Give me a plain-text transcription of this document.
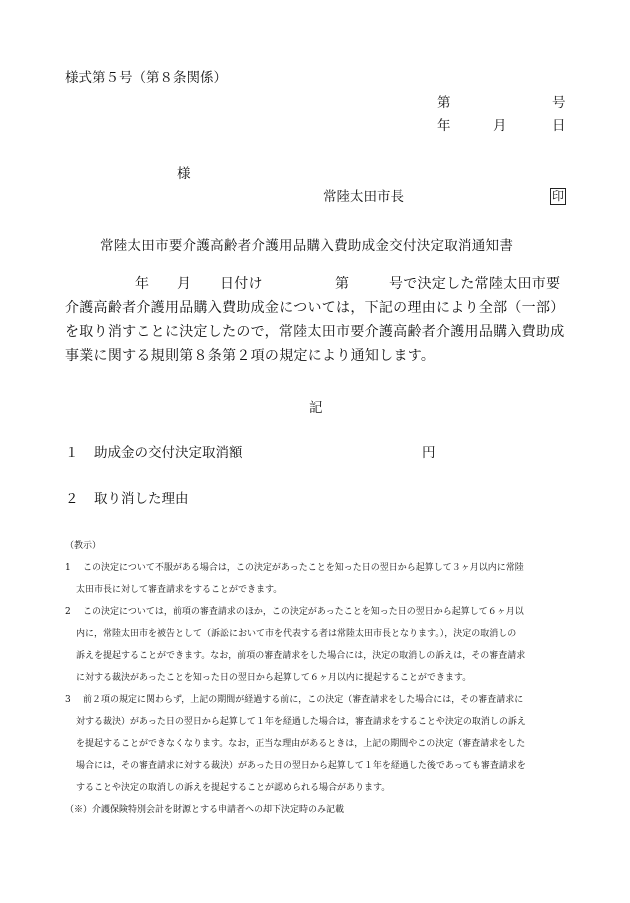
様式第５号（第８条関係）
第	号
年	月	日
様
常陸太田市長	印
常陸太田市要介護高齢者介護用品購入費助成金交付決定取消通知書
年 月 日付け	第	号で決定した常陸太田市要
介護高齢者介護用品購入費助成金については，下記の理由により全部（一部）
を取り消すことに決定したので，常陸太田市要介護高齢者介護用品購入費助成
事業に関する規則第８条第２項の規定により通知します。
記
１ 助成金の交付決定取消額	円
２ 取り消した理由
（教示）
1	この決定について不服がある場合は，この決定があったことを知った日の翌日から起算して３ヶ月以内に常陸
太田市長に対して審査請求をすることができます。
2	この決定については，前項の審査請求のほか，この決定があったことを知った日の翌日から起算して６ヶ月以
内に，常陸太田市を被告として（訴訟において市を代表する者は常陸太田市長となります。），決定の取消しの
訴えを提起することができます。なお，前項の審査請求をした場合には，決定の取消しの訴えは，その審査請求
に対する裁決があったことを知った日の翌日から起算して６ヶ月以内に提起することができます。
3	前２項の規定に関わらず，上記の期間が経過する前に，この決定（審査請求をした場合には，その審査請求に
対する裁決）があった日の翌日から起算して１年を経過した場合は，審査請求をすることや決定の取消しの訴え
を提起することができなくなります。なお，正当な理由があるときは，上記の期間やこの決定（審査請求をした
場合には，その審査請求に対する裁決）があった日の翌日から起算して１年を経過した後であっても審査請求を
することや決定の取消しの訴えを提起することが認められる場合があります。
（※）介護保険特別会計を財源とする申請者への却下決定時のみ記載
